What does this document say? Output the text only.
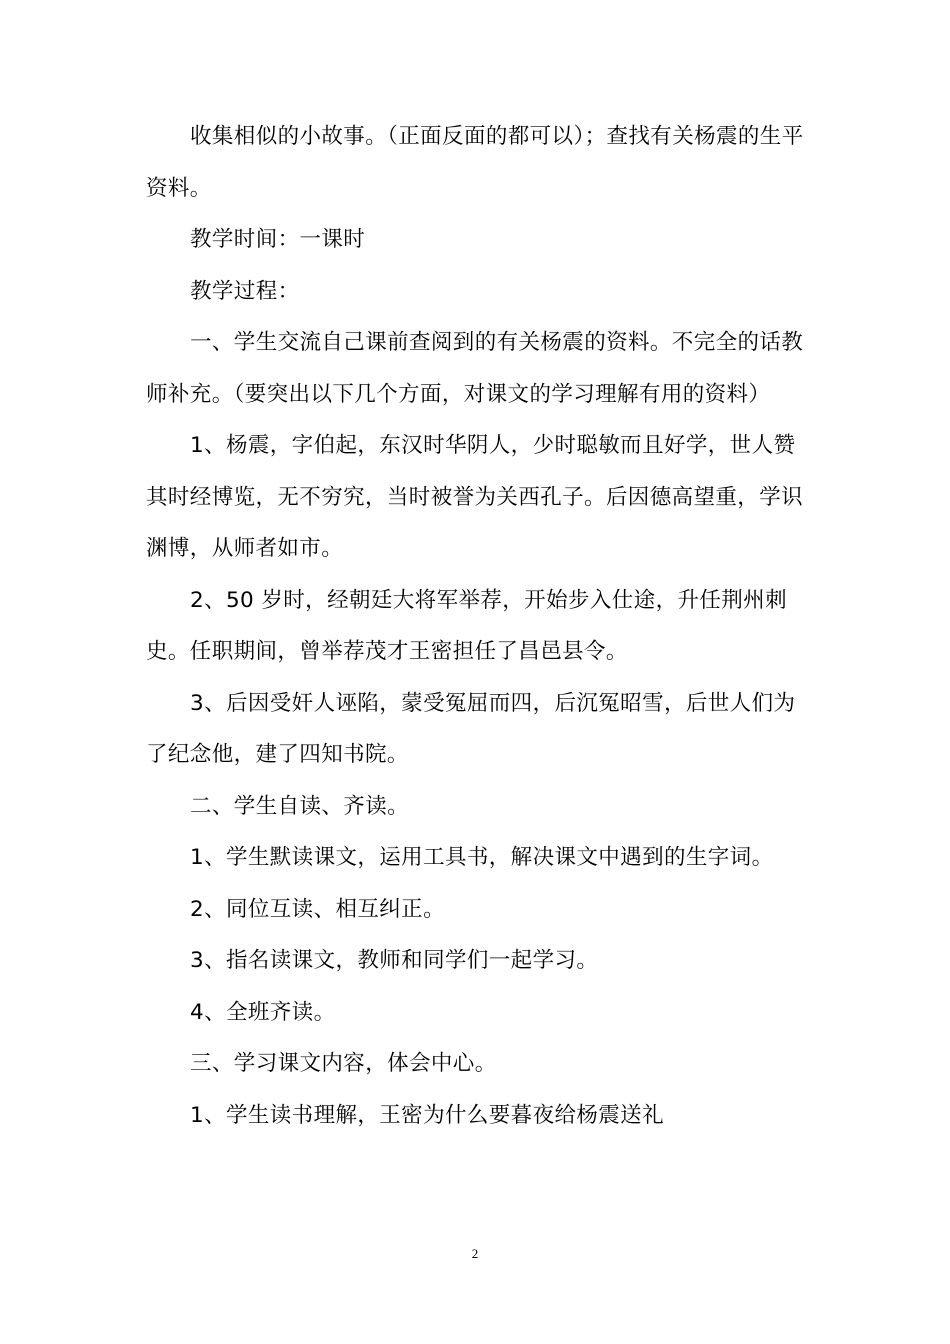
收集相似的小故事。（正面反面的都可以）；查找有关杨震的生平资料。

教学时间：一课时

教学过程：

一、学生交流自己课前查阅到的有关杨震的资料。不完全的话教师补充。（要突出以下几个方面，对课文的学习理解有用的资料）

1、杨震，字伯起，东汉时华阴人，少时聪敏而且好学，世人赞其时经博览，无不穷究，当时被誉为关西孔子。后因德高望重，学识渊博，从师者如市。

2、50 岁时，经朝廷大将军举荐，开始步入仕途，升任荆州刺史。任职期间，曾举荐茂才王密担任了昌邑县令。

3、后因受奸人诬陷，蒙受冤屈而四，后沉冤昭雪，后世人们为了纪念他，建了四知书院。

二、学生自读、齐读。

1、学生默读课文，运用工具书，解决课文中遇到的生字词。

2、同位互读、相互纠正。

3、指名读课文，教师和同学们一起学习。

4、全班齐读。

三、学习课文内容，体会中心。

1、学生读书理解，王密为什么要暮夜给杨震送礼

2
